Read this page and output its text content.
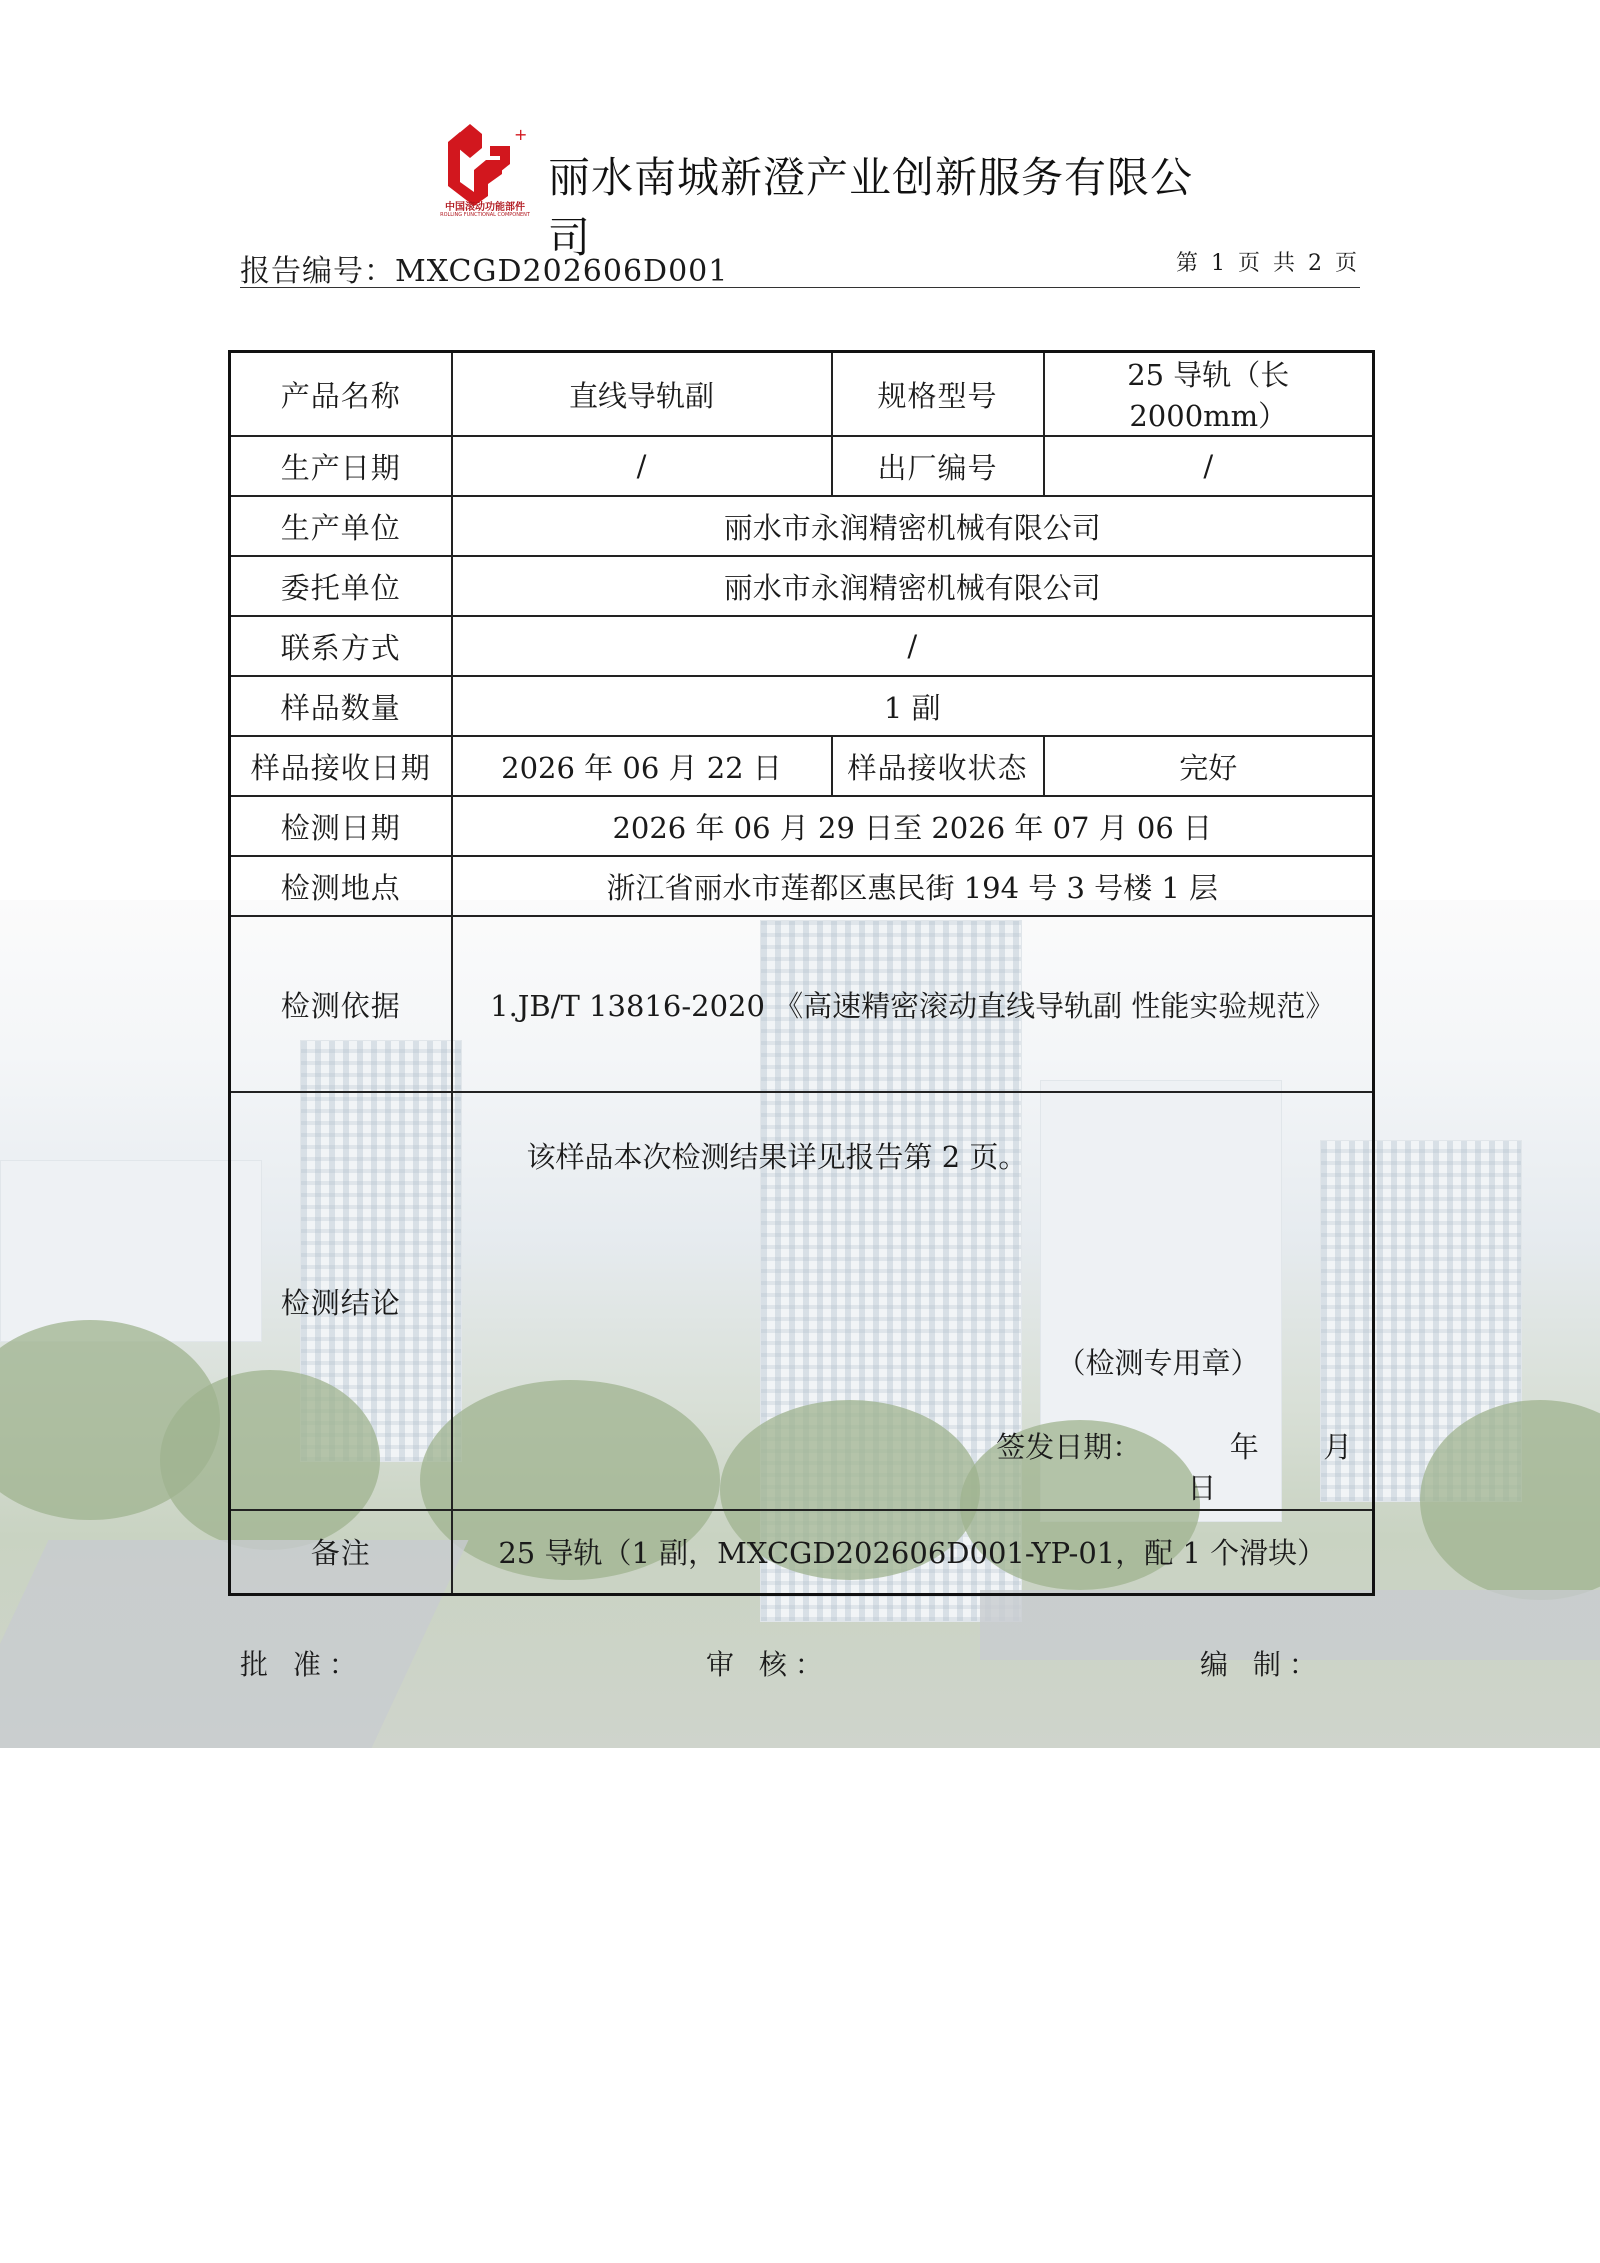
+
中国滚动功能部件
ROLLING FUNCTIONAL COMPONENT
丽水南城新澄产业创新服务有限公司
报告编号：MXCGD202606D001	第 1 页 共 2 页
产品名称	直线导轨副	规格型号	25 导轨（长 2000mm）
生产日期	/	出厂编号	/
生产单位	丽水市永润精密机械有限公司		
委托单位	丽水市永润精密机械有限公司		
联系方式	/		
样品数量	1 副		
样品接收日期	2026 年 06 月 22 日	样品接收状态	完好
检测日期	2026 年 06 月 29 日至 2026 年 07 月 06 日		
检测地点	浙江省丽水市莲都区惠民街 194 号 3 号楼 1 层		
检测依据	1.JB/T 13816-2020 《高速精密滚动直线导轨副 性能实验规范》		
检测结论	该样品本次检测结果详见报告第 2 页。
（检测专用章）
签发日期： 年 月  日		

备注	25 导轨（1 副，MXCGD202606D001-YP-01，配 1 个滑块）		
批 准：	审 核：	编 制：
